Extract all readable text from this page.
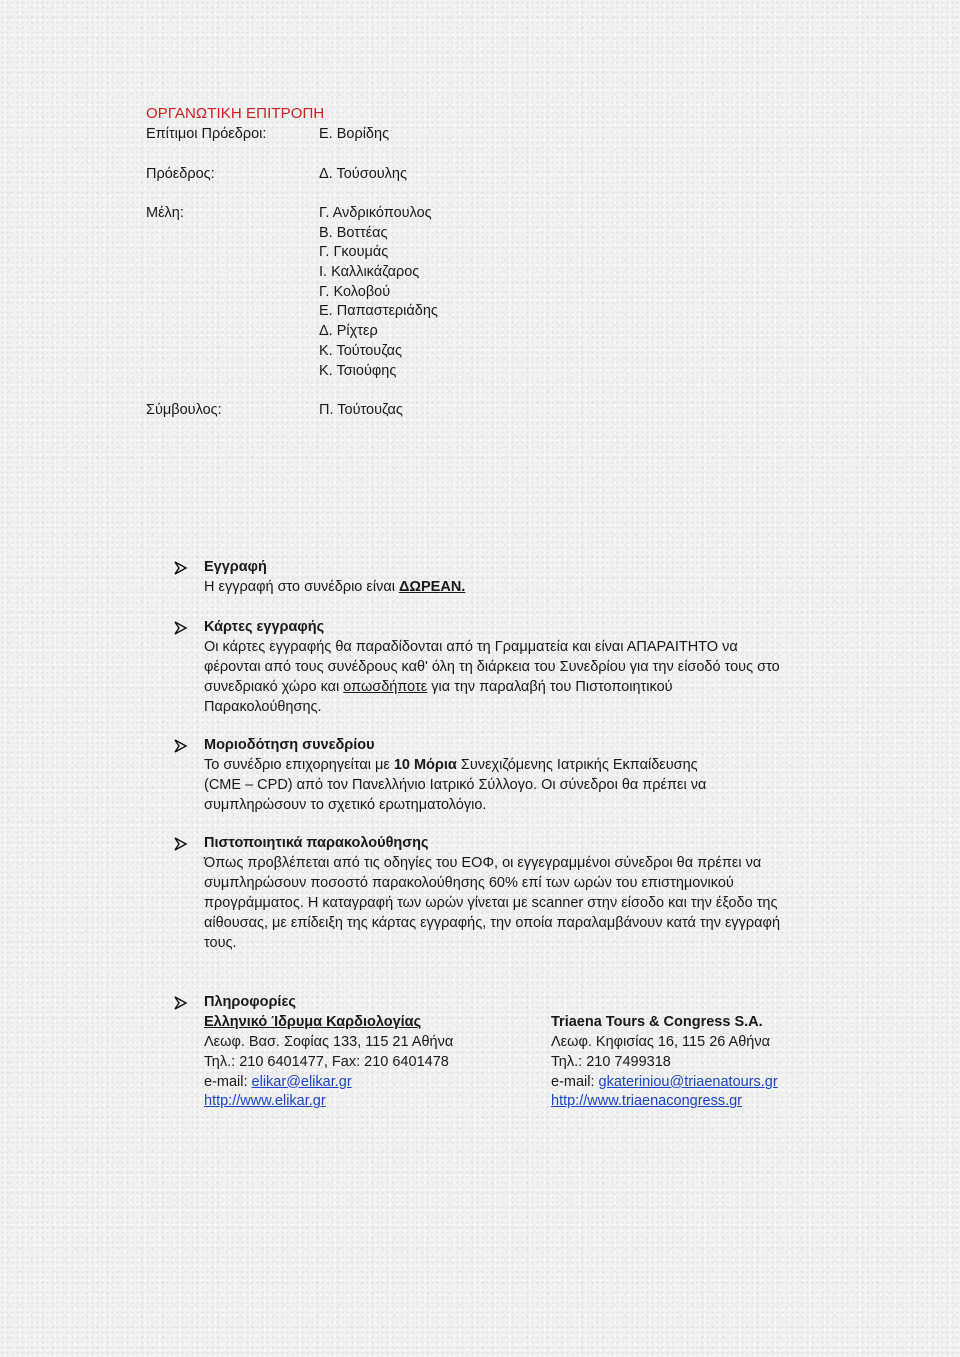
ΟΡΓΑΝΩΤΙΚΗ ΕΠΙΤΡΟΠΗ
Επίτιμοι Πρόεδροι:	Ε. Βορίδης
Πρόεδρος:	Δ. Τούσουλης
Μέλη:	Γ. Ανδρικόπουλος
Β. Βοττέας
Γ. Γκουμάς
Ι. Καλλικάζαρος
Γ. Κολοβού
Ε. Παπαστεριάδης
Δ. Ρίχτερ
Κ. Τούτουζας
Κ. Τσιούφης
Σύμβουλος:	Π. Τούτουζας
Εγγραφή
Η εγγραφή στο συνέδριο είναι ΔΩΡΕΑΝ.
Κάρτες εγγραφής
Οι κάρτες εγγραφής θα παραδίδονται από τη Γραμματεία και είναι ΑΠΑΡΑΙΤΗΤΟ να
φέρονται από τους συνέδρους καθ' όλη τη διάρκεια του Συνεδρίου για την είσοδό τους στο
συνεδριακό χώρο και οπωσδήποτε για την παραλαβή του Πιστοποιητικού
Παρακολούθησης.
Μοριοδότηση συνεδρίου
Το συνέδριο επιχορηγείται με 10 Μόρια Συνεχιζόμενης Ιατρικής Εκπαίδευσης
(CME – CPD) από τον Πανελλήνιο Ιατρικό Σύλλογο. Οι σύνεδροι θα πρέπει να
συμπληρώσουν το σχετικό ερωτηματολόγιο.
Πιστοποιητικά παρακολούθησης
Όπως προβλέπεται από τις οδηγίες του ΕΟΦ, οι εγγεγραμμένοι σύνεδροι θα πρέπει να
συμπληρώσουν ποσοστό παρακολούθησης 60% επί των ωρών του επιστημονικού
προγράμματος. Η καταγραφή των ωρών γίνεται με scanner στην είσοδο και την έξοδο της
αίθουσας, με επίδειξη της κάρτας εγγραφής, την οποία παραλαμβάνουν κατά την εγγραφή
τους.
Πληροφορίες
Ελληνικό Ίδρυμα Καρδιολογίας
Λεωφ. Βασ. Σοφίας 133, 115 21 Αθήνα
Τηλ.: 210 6401477, Fax: 210 6401478
e-mail: elikar@elikar.gr
http://www.elikar.gr
Triaena Tours & Congress S.A.
Λεωφ. Κηφισίας 16, 115 26 Αθήνα
Τηλ.: 210 7499318
e-mail: gkateriniou@triaenatours.gr
http://www.triaenacongress.gr
